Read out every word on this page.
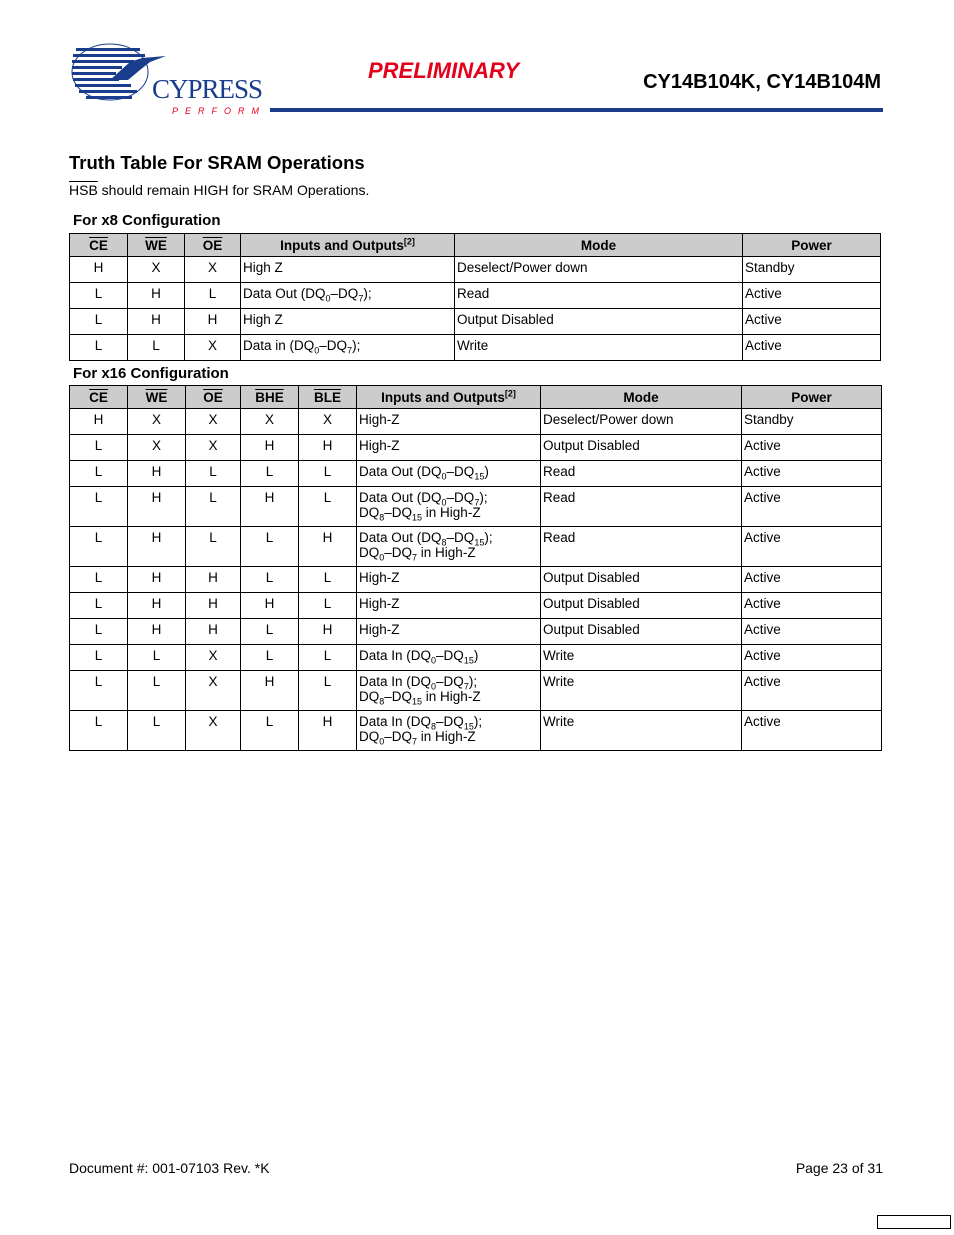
CYPRESS
PERFORM
PRELIMINARY	CY14B104K, CY14B104M
Truth Table For SRAM Operations
$\overline{HSB}$ should remain HIGH for SRAM Operations.
For x8 Configuration
$\overline{CE}$	$\overline{WE}$	$\overline{OE}$	Inputs and Outputs[2]	Mode	Power
H	X	X	High Z	Deselect/Power down	Standby
L	H	L	Data Out $(DQ_0-DQ_7)$;	Read	Active
L	H	H	High Z	Output Disabled	Active
L	L	X	Data in $(DQ_0-DQ_7)$;	Write	Active
For x16 Configuration
$\overline{CE}$	$\overline{WE}$	$\overline{OE}$	$\overline{BHE}$	$\overline{BLE}$	Inputs and Outputs[2]	Mode	Power
H	X	X	X	X	High-Z	Deselect/Power down	Standby
L	X	X	H	H	High-Z	Output Disabled	Active
L	H	L	L	L	Data Out $(DQ_0-DQ_{15})$	Read	Active
L	H	L	H	L	Data Out $(DQ_0-DQ_7)$;
$DQ_8-DQ_{15}$ in High-Z	Read	Active
L	H	L	L	H	Data Out $(DQ_8-DQ_{15})$;
$DQ_0-DQ_7$ in High-Z	Read	Active
L	H	H	L	L	High-Z	Output Disabled	Active
L	H	H	H	L	High-Z	Output Disabled	Active
L	H	H	L	H	High-Z	Output Disabled	Active
L	L	X	L	L	Data In $(DQ_0-DQ_{15})$	Write	Active
L	L	X	H	L	Data In $(DQ_0-DQ_7)$;
$DQ_8-DQ_{15}$ in High-Z	Write	Active
L	L	X	L	H	Data In $(DQ_8-DQ_{15})$;
$DQ_0-DQ_7$ in High-Z	Write	Active
Document #: 001-07103 Rev. *K	Page 23 of 31
